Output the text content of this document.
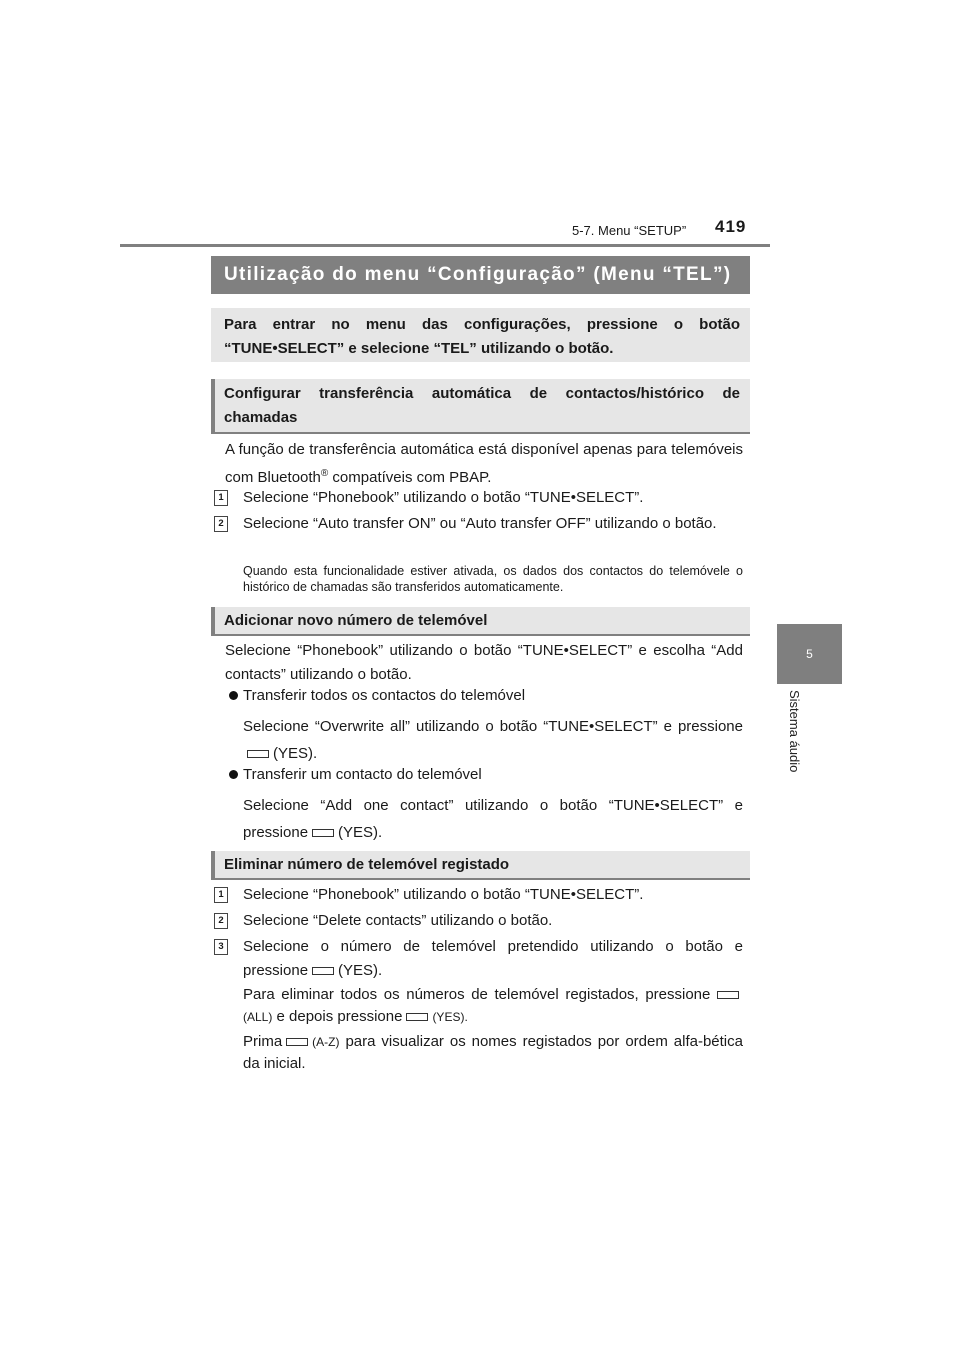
5-7. Menu “SETUP” 419
5
Sistema áudio
Utilização do menu “Configuração” (Menu “TEL”)
Para entrar no menu das configurações, pressione o botão “TUNE•SELECT” e selecione “TEL” utilizando o botão.
Configurar transferência automática de contactos/histórico de chamadas
A função de transferência automática está disponível apenas para telemóveis com Bluetooth® compatíveis com PBAP.
1 Selecione “Phonebook” utilizando o botão “TUNE•SELECT”.
2 Selecione “Auto transfer ON” ou “Auto transfer OFF” utilizando o botão.
Quando esta funcionalidade estiver ativada, os dados dos contactos do telemóvele o histórico de chamadas são transferidos automaticamente.
Adicionar novo número de telemóvel
Selecione “Phonebook” utilizando o botão “TUNE•SELECT” e escolha “Add contacts” utilizando o botão.
Transferir todos os contactos do telemóvel
Selecione “Overwrite all” utilizando o botão “TUNE•SELECT” e pressione(YES).
Transferir um contacto do telemóvel
Selecione “Add one contact” utilizando o botão “TUNE•SELECT” e pressione (YES).
Eliminar número de telemóvel registado
1 Selecione “Phonebook” utilizando o botão “TUNE•SELECT”.
2 Selecione “Delete contacts” utilizando o botão.
3 Selecione o número de telemóvel pretendido utilizando o botão e pressione (YES).
Para eliminar todos os números de telemóvel registados, pressione (ALL) e depois pressione	(YES).
Prima	(A-Z) para visualizar os nomes registados por ordem alfa-bética da inicial.
